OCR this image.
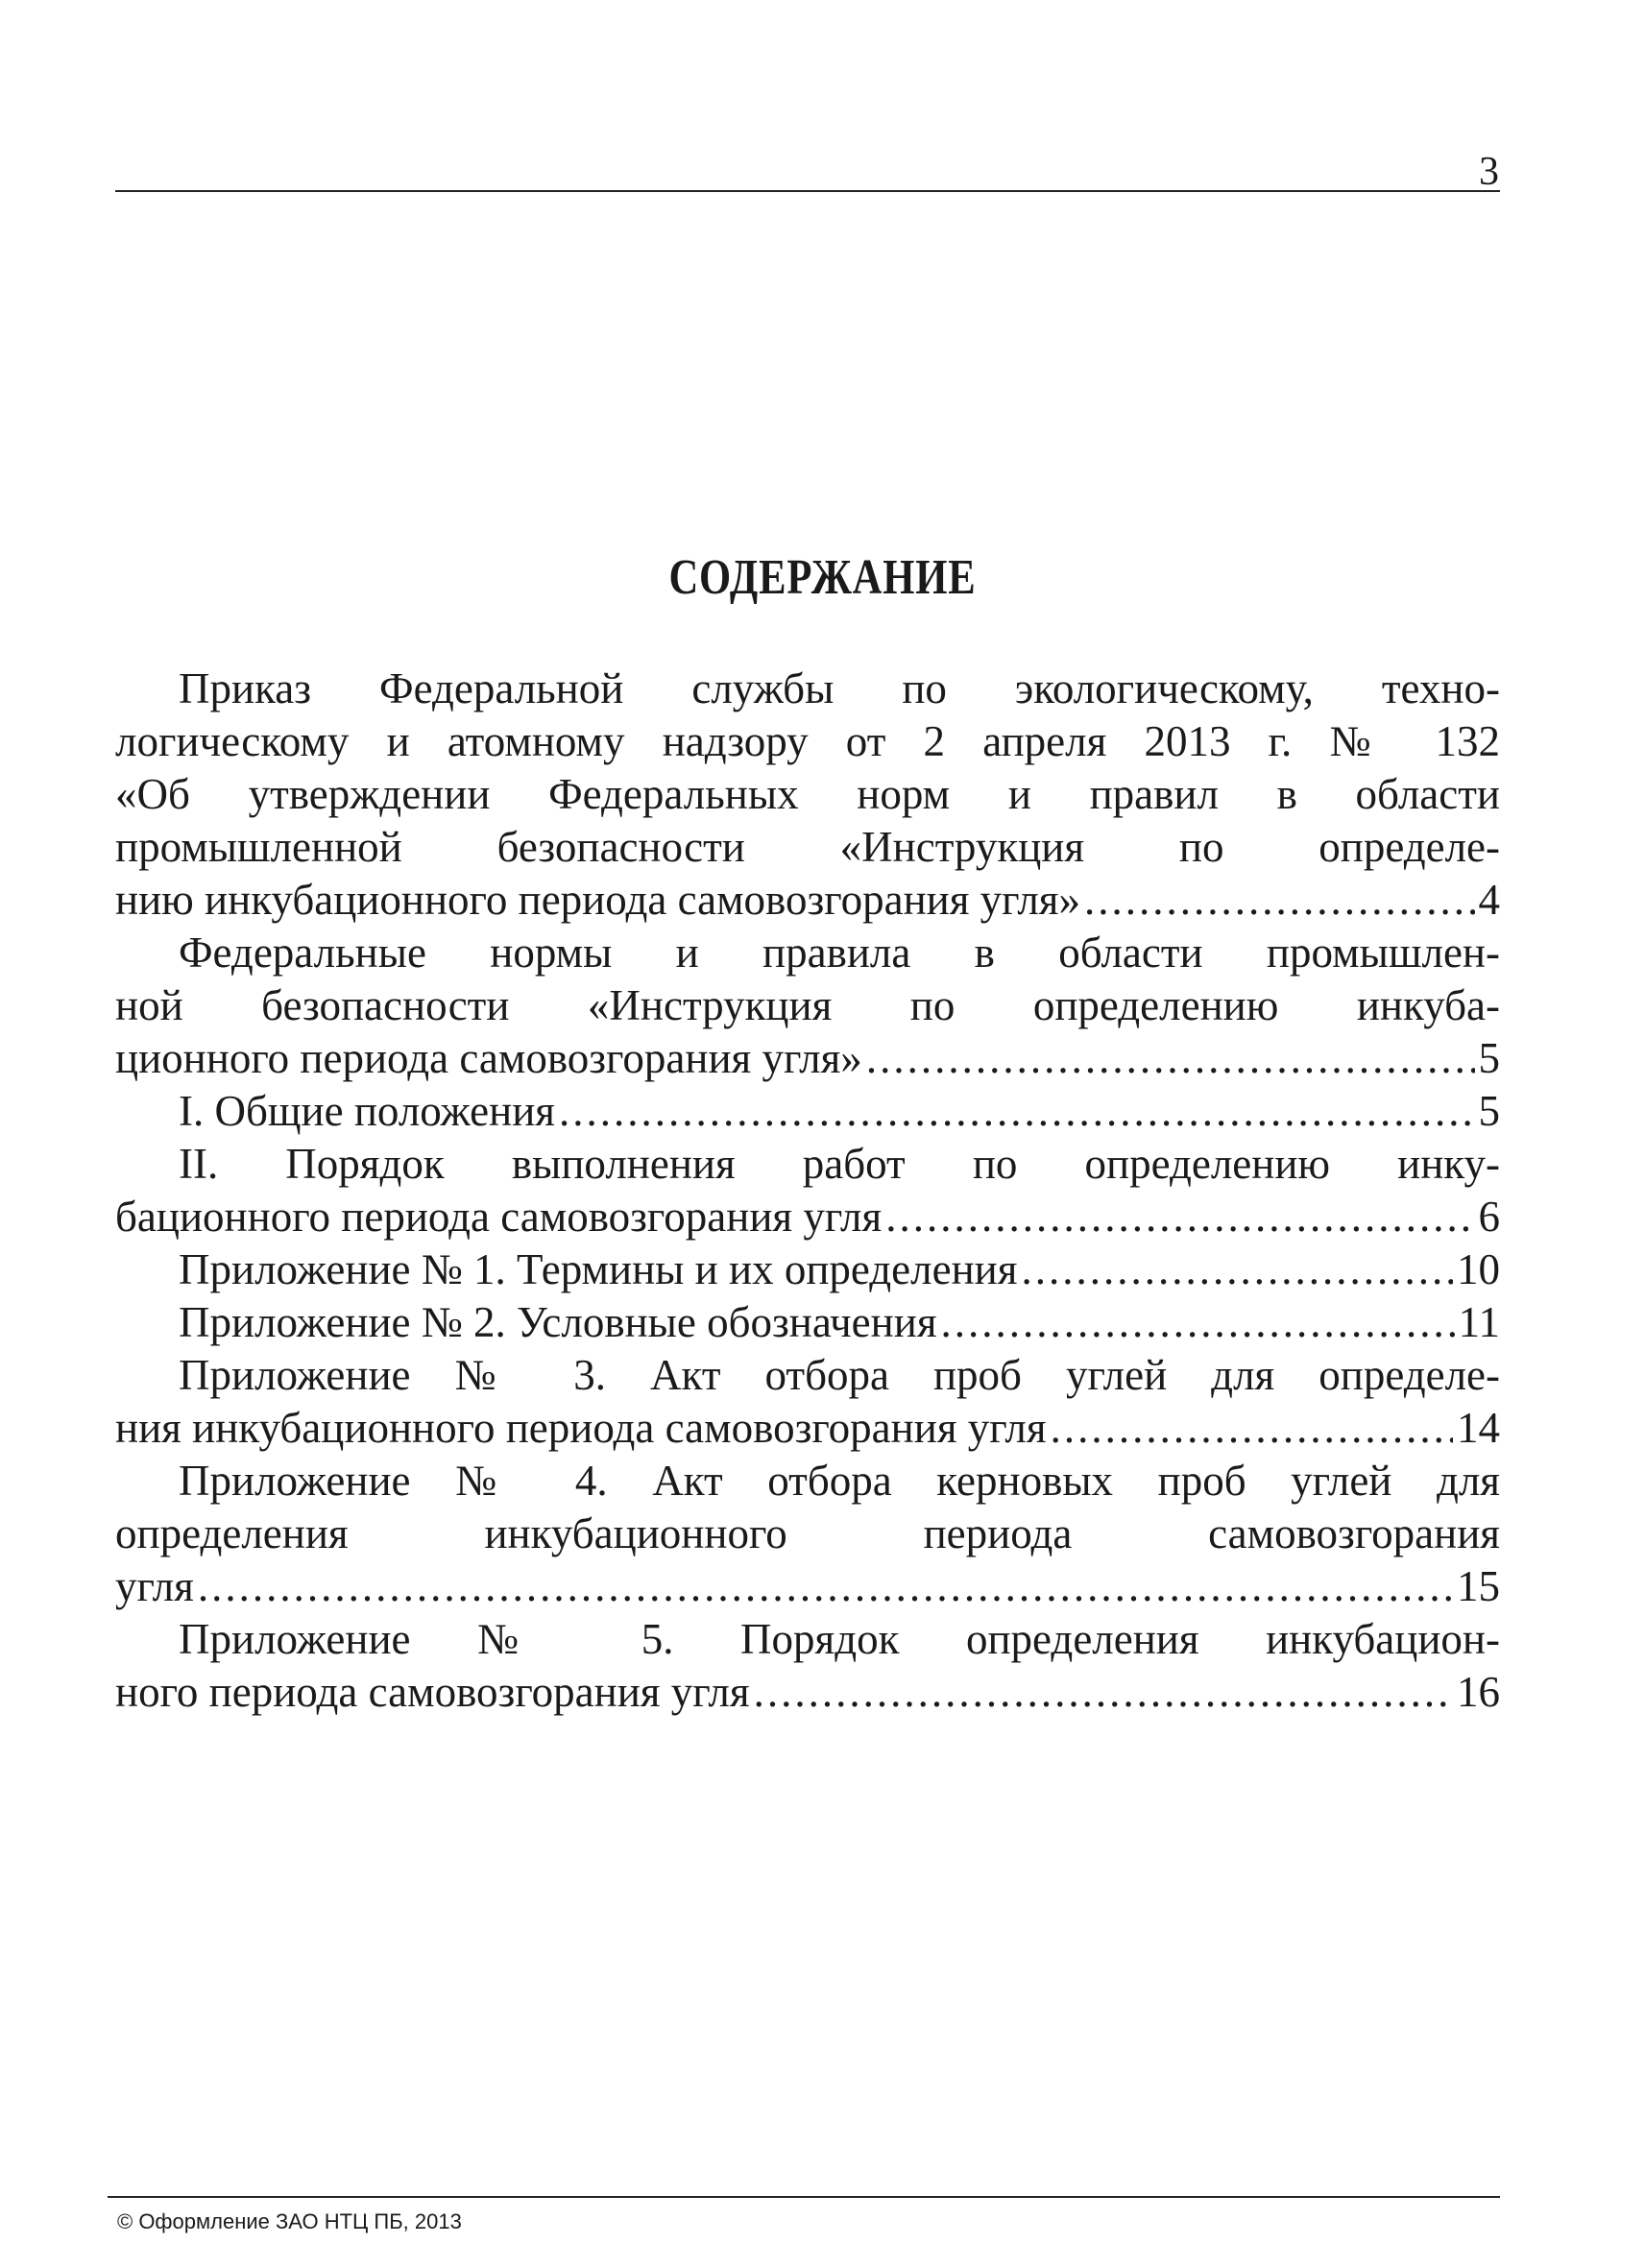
3
СОДЕРЖАНИЕ
Приказ Федеральной службы по экологическому, техно-
логическому и атомному надзору от 2 апреля 2013 г. № 132
«Об утверждении Федеральных норм и правил в области
промышленной безопасности «Инструкция по определе-
нию инкубационного периода самовозгорания угля» .....	4
Федеральные нормы и правила в области промышлен-
ной безопасности «Инструкция по определению инкуба-
ционного периода самовозгорания угля» .....	5
I. Общие положения .....	5
II. Порядок выполнения работ по определению инку-
бационного периода самовозгорания угля .....	6
Приложение № 1. Термины и их определения .....	10
Приложение № 2. Условные обозначения .....	11
Приложение № 3. Акт отбора проб углей для определе-
ния инкубационного периода самовозгорания угля .....	14
Приложение № 4. Акт отбора керновых проб углей для
определения инкубационного периода самовозгорания
угля .....	15
Приложение № 5. Порядок определения инкубацион-
ного периода самовозгорания угля .....	16
© Оформление ЗАО НТЦ ПБ, 2013
